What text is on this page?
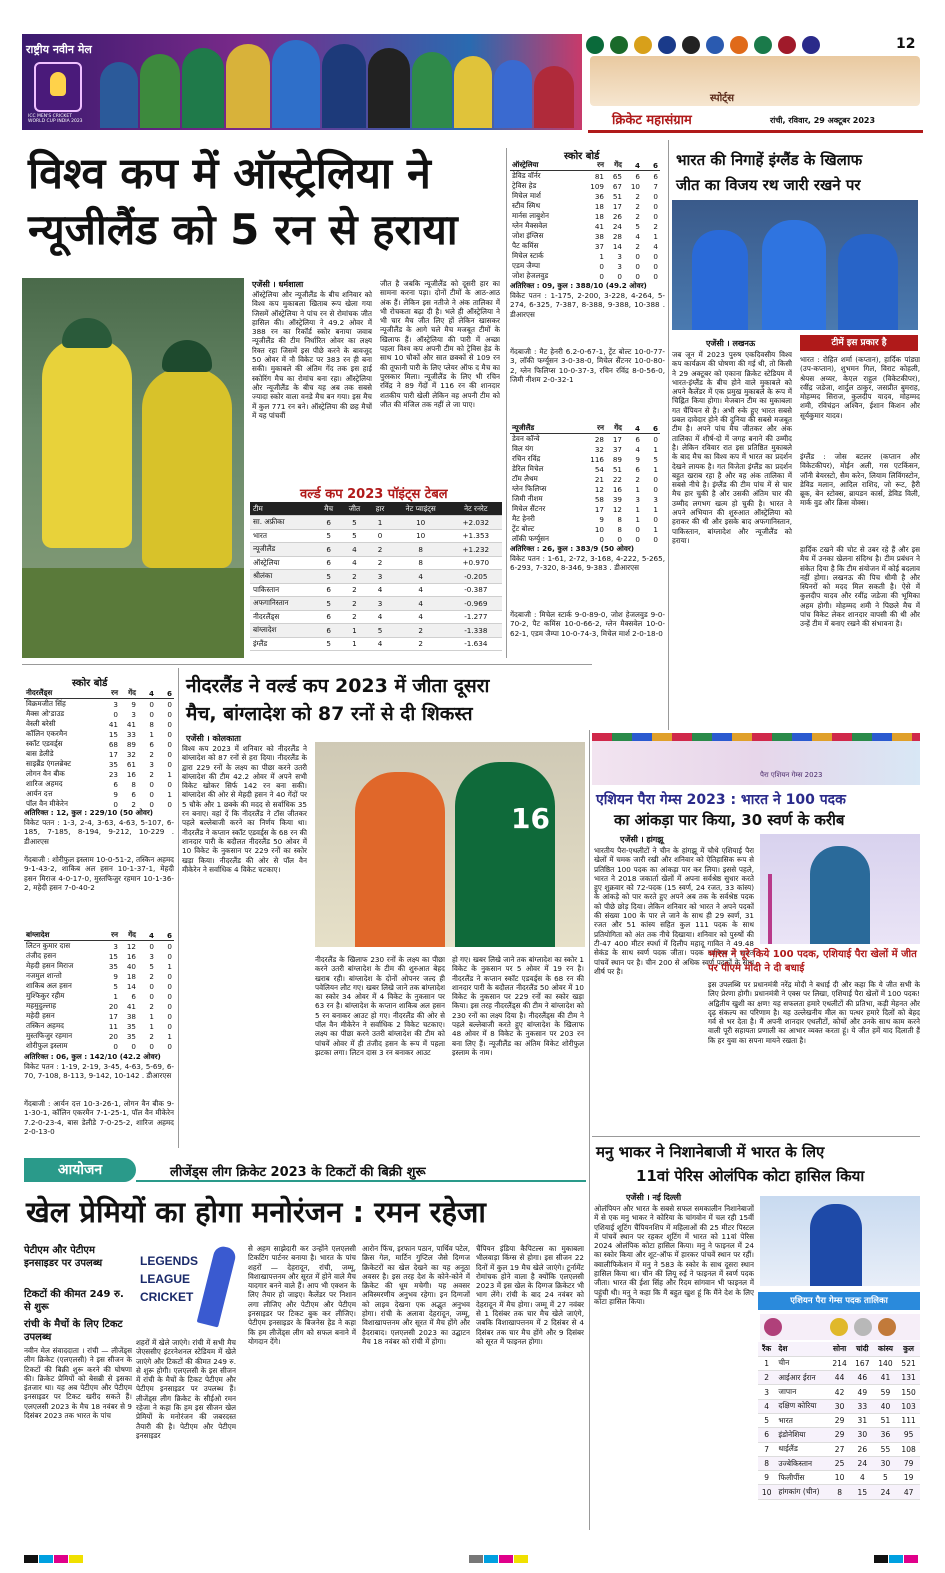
राष्ट्रीय नवीन मेल
ICC MEN'S CRICKET WORLD CUP INDIA 2023
12
स्पोर्ट्स
क्रिकेट महासंग्राम	रांची, रविवार, 29 अक्टूबर 2023
विश्व कप में ऑस्ट्रेलिया ने
न्यूजीलैंड को 5 रन से हराया
एजेंसी । धर्मशाला
ऑस्ट्रेलिया और न्यूजीलैंड के बीच शनिवार को विश्व कप मुकाबला खिताब रूप खेला गया जिसमें ऑस्ट्रेलिया ने पांच रन से रोमांचक जीत हासिल की। ऑस्ट्रेलिया ने 49.2 ओवर में 388 रन का रिकॉर्ड स्कोर बनाया जवाब न्यूजीलैंड की टीम निर्धारित ओवर का लक्ष्य रिक्त रहा जिसमें इस पीछे करने के बावजूद 50 ओवर में नौ विकेट पर 383 रन ही बना सकी। मुकाबले की अंतिम गेंद तक इस हाई स्कोरिंग मैच का रोमांच बना रहा। ऑस्ट्रेलिया और न्यूजीलैंड के बीच यह अब तक सबसे ज्यादा स्कोर वाला वनडे मैच बन गया। इस मैच में कुल 771 रन बने। ऑस्ट्रेलिया की छह मैचों में यह पांचवीं
जीत है जबकि न्यूजीलैंड को दूसरी हार का सामना करना पड़ा। दोनों टीमों के आठ-आठ अंक हैं। लेकिन इस नतीजे ने अंक तालिका में भी रोचकता बढ़ा दी है। भले ही ऑस्ट्रेलिया ने भी चार मैच जीत लिए हों लेकिन खासकर न्यूजीलैंड के आगे चले मैच मजबूत टीमों के खिलाफ हैं। ऑस्ट्रेलिया की पारी में अच्छा पहला विश्व कप अपनी टीम को ट्रेविस हेड के साथ 10 चौकों और सात छक्कों से 109 रन की तूफानी पारी के लिए प्लेयर ऑफ द मैच का पुरस्कार मिला। न्यूजीलैंड के लिए भी रचिन रविंद्र ने 89 गेंदों में 116 रन की शानदार शतकीय पारी खेली लेकिन वह अपनी टीम को जीत की मंजिल तक नहीं ले जा पाए।
वर्ल्ड कप 2023 पॉइंट्स टेबल
टीम	मैच	जीत	हार	नेट प्वाइंट्स	नेट रनरेट
सा. अफ्रीका	6	5	1	10	+2.032
भारत	5	5	0	10	+1.353
न्यूजीलैंड	6	4	2	8	+1.232
ऑस्ट्रेलिया	6	4	2	8	+0.970
श्रीलंका	5	2	3	4	-0.205
पाकिस्तान	6	2	4	4	-0.387
अफगानिस्तान	5	2	3	4	-0.969
नीदरलैंड्स	6	2	4	4	-1.277
बांग्लादेश	6	1	5	2	-1.338
इंग्लैंड	5	1	4	2	-1.634
स्कोर बोर्ड
ऑस्ट्रेलिया	रन	गेंद	4	6
डेविड वॉर्नर	81	65	6	6
ट्रेविस हेड	109	67	10	7
मिचेल मार्श	36	51	2	0
स्टीव स्मिथ	18	17	2	0
मार्नस लाबुशेन	18	26	2	0
ग्लेन मैक्सवेल	41	24	5	2
जोश इंग्लिस	38	28	4	1
पैट कमिंस	37	14	2	4
मिचेल स्टार्क	1	3	0	0
एडम जैम्पा	0	3	0	0
जोश हेजलवुड	0	0	0	0
अतिरिक्त : 09, कुल : 388/10 (49.2 ओवर)
विकेट पतन : 1-175, 2-200, 3-228, 4-264, 5-274, 6-325, 7-387, 8-388, 9-388, 10-388 . डीआरएस
गेंदबाजी : मैट हेनरी 6.2-0-67-1, ट्रेंट बोल्ट 10-0-77-3, लॉकी फर्ग्यूसन 3-0-38-0, मिचेल सैंटनर 10-0-80-2, ग्लेन फिलिप्स 10-0-37-3, रचिन रविंद्र 8-0-56-0, जिमी नीशम 2-0-32-1
न्यूजीलैंड	रन	गेंद	4	6
डेवन कॉन्वे	28	17	6	0
विल यंग	32	37	4	1
रचिन रविंद्र	116	89	9	5
डेरिल मिचेल	54	51	6	1
टॉम लैथम	21	22	2	0
ग्लेन फिलिप्स	12	16	1	0
जिमी नीशम	58	39	3	3
मिचेल सैंटनर	17	12	1	1
मैट हेनरी	9	8	1	0
ट्रेंट बोल्ट	10	8	0	1
लॉकी फर्ग्यूसन	0	0	0	0
अतिरिक्त : 26, कुल : 383/9 (50 ओवर)
विकेट पतन : 1-61, 2-72, 3-168, 4-222, 5-265, 6-293, 7-320, 8-346, 9-383 . डीआरएस
गेंदबाजी : मिचेल स्टार्क 9-0-89-0, जोश हेजलवुड 9-0-70-2, पैट कमिंस 10-0-66-2, ग्लेन मैक्सवेल 10-0-62-1, एडम जैम्पा 10-0-74-3, मिचेल मार्श 2-0-18-0
भारत की निगाहें इंग्लैंड के खिलाफ
जीत का विजय रथ जारी रखने पर
एजेंसी । लखनऊ
जब जून में 2023 पुरुष एकदिवसीय विश्व कप कार्यक्रम की घोषणा की गई थी, तो किसी ने 29 अक्टूबर को एकाना क्रिकेट स्टेडियम में भारत-इंग्लैंड के बीच होने वाले मुकाबले को अपने कैलेंडर में एक प्रमुख मुकाबले के रूप में चिह्नित किया होगा। मेजबान टीम का मुकाबला गत चैंपियन से है। अभी रुके हुए भारत सबसे प्रबल दावेदार होने की दुनिया की सबसे मजबूत टीम है। अपने पांच मैच जीतकर और अंक तालिका में शीर्ष-दो में जगह बनाने की उम्मीद है। लेकिन रविवार रात इस प्रतिष्ठित मुकाबले के बाद मैच का विश्व कप में भारत का प्रदर्शन देखने लायक है। गत विजेता इंग्लैंड का प्रदर्शन बहुत खराब रहा है और वह अंक तालिका में सबसे नीचे है। इंग्लैंड की टीम पांच में से चार मैच हार चुकी है और उसकी अंतिम चार की उम्मीद लगभग खत्म हो चुकी है। भारत ने अपने अभियान की शुरुआत ऑस्ट्रेलिया को हराकर की थी और इसके बाद अफगानिस्तान, पाकिस्तान, बांग्लादेश और न्यूजीलैंड को हराया।
टीमें इस प्रकार है
भारत : रोहित शर्मा (कप्तान), हार्दिक पांड्या (उप-कप्तान), शुभमन गिल, विराट कोहली, श्रेयस अय्यर, केएल राहुल (विकेटकीपर), रवींद्र जडेजा, शार्दुल ठाकुर, जसप्रीत बुमराह, मोहम्मद सिराज, कुलदीप यादव, मोहम्मद शमी, रविचंद्रन अश्विन, ईशान किशन और सूर्यकुमार यादव।
इंग्लैंड : जोस बटलर (कप्तान और विकेटकीपर), मोईन अली, गस एटकिंसन, जॉनी बेयरस्टो, सैम करेन, लियाम लिविंगस्टोन, डेविड मलान, आदिल राशिद, जो रूट, हैरी ब्रूक, बेन स्टोक्स, ब्रायडन कार्स, डेविड विली, मार्क वुड और क्रिस वोक्स।
हार्दिक टखने की चोट से उबर रहे हैं और इस मैच में उनका खेलना संदिग्ध है। टीम प्रबंधन ने संकेत दिया है कि टीम संयोजन में कोई बदलाव नहीं होगा। लखनऊ की पिच धीमी है और स्पिनरों को मदद मिल सकती है। ऐसे में कुलदीप यादव और रवींद्र जडेजा की भूमिका अहम होगी। मोहम्मद शमी ने पिछले मैच में पांच विकेट लेकर शानदार वापसी की थी और उन्हें टीम में बनाए रखने की संभावना है।
स्कोर बोर्ड
नीदरलैंड्स	रन	गेंद	4	6
विक्रमजीत सिंह	3	9	0	0
मैक्स ओ'डाउड	0	3	0	0
वेस्ली बरेसी	41	41	8	0
कॉलिन एकरमैन	15	33	1	0
स्कॉट एडवर्ड्स	68	89	6	0
बास डेलीडे	17	32	2	0
साइब्रैंड एंगलब्रेक्ट	35	61	3	0
लोगन वैन बीक	23	16	2	1
शारिज अहमद	6	8	0	0
आर्यन दत्त	9	6	0	1
पॉल वैन मीकेरेन	0	2	0	0
अतिरिक्त : 12, कुल : 229/10 (50 ओवर)
विकेट पतन : 1-3, 2-4, 3-63, 4-63, 5-107, 6-185, 7-185, 8-194, 9-212, 10-229 . डीआरएस
गेंदबाजी : शोरीफुल इस्लाम 10-0-51-2, तस्किन अहमद 9-1-43-2, शाकिब अल हसन 10-1-37-1, मेहदी हसन मिराज 4-0-17-0, मुस्तफिजुर रहमान 10-1-36-2, महेदी हसन 7-0-40-2
बांग्लादेश	रन	गेंद	4	6
लिटन कुमार दास	3	12	0	0
तंजीद हसन	15	16	3	0
मेहदी हसन मिराज	35	40	5	1
नजमुल शान्तो	9	18	2	0
शाकिब अल हसन	5	14	0	0
मुश्फिकुर रहीम	1	6	0	0
महमुदुल्लाह	20	41	2	0
महेदी हसन	17	38	1	0
तस्किन अहमद	11	35	1	0
मुस्तफिजुर रहमान	20	35	2	1
शोरीफुल इस्लाम	0	0	0	0
अतिरिक्त : 06, कुल : 142/10 (42.2 ओवर)
विकेट पतन : 1-19, 2-19, 3-45, 4-63, 5-69, 6-70, 7-108, 8-113, 9-142, 10-142 . डीआरएस
गेंदबाजी : आर्यन दत्त 10-3-26-1, लोगन वैन बीक 9-1-30-1, कॉलिन एकरमैन 7-1-25-1, पॉल वैन मीकेरेन 7.2-0-23-4, बास डेलीडे 7-0-25-2, शारिज अहमद 2-0-13-0
नीदरलैंड ने वर्ल्ड कप 2023 में जीता दूसरा
मैच, बांग्लादेश को 87 रनों से दी शिकस्त
एजेंसी । कोलकाता
विश्व कप 2023 में शनिवार को नीदरलैंड ने बांग्लादेश को 87 रनों से हरा दिया। नीदरलैंड के द्वारा 229 रनों के लक्ष्य का पीछा करने उतरी बांग्लादेश की टीम 42.2 ओवर में अपने सभी विकेट खोकर सिर्फ 142 रन बना सकी। बांग्लादेश की ओर से मेहदी हसन ने 40 गेंदों पर 5 चौके और 1 छक्के की मदद से सर्वाधिक 35 रन बनाए। वहां दें कि नीदरलैंड ने टॉस जीतकर पहले बल्लेबाजी करने का निर्णय किया था। नीदरलैंड ने कप्तान स्कॉट एडवर्ड्स के 68 रन की शानदार पारी के बदौलत नीदरलैंड 50 ओवर में 10 विकेट के नुकसान पर 229 रनों का स्कोर खड़ा किया। नीदरलैंड की ओर से पॉल वैन मीकेरेन ने सर्वाधिक 4 विकेट चटकाए।
16
नीदरलैंड के खिलाफ 230 रनों के लक्ष्य का पीछा करने उतरी बांग्लादेश के टीम की शुरुआत बेहद खराब रही। बांग्लादेश के दोनों ओपनर जल्द ही पवेलियन लौट गए। खबर लिखे जाने तक बांग्लादेश का स्कोर 34 ओवर में 4 विकेट के नुकसान पर 63 रन है। बांग्लादेश के कप्तान शाकिब अल हसन 5 रन बनाकर आउट हो गए। नीदरलैंड की ओर से पॉल वैन मीकेरेन ने सर्वाधिक 2 विकेट चटकाए। लक्ष्य का पीछा करने उतरी बांग्लादेश की टीम को पांचवें ओवर में ही तंजीद हसन के रूप में पहला झटका लगा। लिटन दास 3 रन बनाकर आउट
हो गए। खबर लिखे जाने तक बांग्लादेश का स्कोर 1 विकेट के नुकसान पर 5 ओवर में 19 रन है। नीदरलैंड ने कप्तान स्कॉट एडवर्ड्स के 68 रन की शानदार पारी के बदौलत नीदरलैंड 50 ओवर में 10 विकेट के नुकसान पर 229 रनों का स्कोर खड़ा किया। इस तरह नीदरलैंड्स की टीम ने बांग्लादेश को 230 रनों का लक्ष्य दिया है। नीदरलैंड्स की टीम ने पहले बल्लेबाजी करते हुए बांग्लादेश के खिलाफ 48 ओवर में 8 विकेट के नुकसान पर 203 रन बना लिए हैं। न्यूजीलैंड का अंतिम विकेट शोरीफुल इस्लाम के नाम।
पैरा एशियन गेम्स 2023
एशियन पैरा गेम्स 2023 : भारत ने 100 पदक
का आंकड़ा पार किया, 30 स्वर्ण के करीब
एजेंसी । हांगझू
भारतीय पैरा-एथलीटों ने चीन के हांगझू में चौथे एशियाई पैरा खेलों में चमक जारी रखी और शनिवार को ऐतिहासिक रूप से प्रतिष्ठित 100 पदक का आंकड़ा पार कर लिया। इससे पहले, भारत ने 2018 जकार्ता खेलों में अपना सर्वश्रेष्ठ सुधार करते हुए शुक्रवार को 72-पदक (15 स्वर्ण, 24 रजत, 33 कांस्य) के आंकड़े को पार करते हुए अपने अब तक के सर्वश्रेष्ठ पदक को पीछे छोड़ दिया। लेकिन शनिवार को भारत ने अपने पदकों की संख्या 100 के पार ले जाने के साथ ही 29 स्वर्ण, 31 रजत और 51 कांस्य सहित कुल 111 पदक के साथ प्रतियोगिता को अंत तक नीचे दिखाया। शनिवार को पुरुषों की टी-47 400 मीटर स्पर्धा में दिलीप महादू गावित ने 49.48 सेकंड के साथ स्वर्ण पदक जीता। पदक तालिका में भारत पांचवें स्थान पर है। चीन 200 से अधिक स्वर्ण पदकों के साथ शीर्ष पर है।
भारत ने पूरे किये 100 पदक, एशियाई पैरा खेलों में जीत पर पीएम मोदी ने दी बधाई
इस उपलब्धि पर प्रधानमंत्री नरेंद्र मोदी ने बधाई दी और कहा कि ये जीत सभी के लिए प्रेरणा होगी। प्रधानमंत्री ने एक्स पर लिखा, एशियाई पैरा खेलों में 100 पदक! अद्वितीय खुशी का क्षण! यह सफलता हमारे एथलीटों की प्रतिभा, कड़ी मेहनत और दृढ़ संकल्प का परिणाम है। यह उल्लेखनीय मील का पत्थर हमारे दिलों को बेहद गर्व से भर देता है। मैं अपनी शानदार एथलीटों, कोचों और उनके साथ काम करने वाली पूरी सहायता प्रणाली का आभार व्यक्त करता हूं। ये जीत हमें याद दिलाती हैं कि हर युवा का सपना मायने रखता है।
मनु भाकर ने निशानेबाजी में भारत के लिए
11वां पेरिस ओलंपिक कोटा हासिल किया
एजेंसी । नई दिल्ली
ओलंपियन और भारत के सबसे सफल समकालीन निशानेबाजों में से एक मनु भाकर ने कोरिया के चांगवोन में चल रही 15वीं एशियाई शूटिंग चैंपियनशिप में महिलाओं की 25 मीटर पिस्टल में पांचवें स्थान पर रहकर शूटिंग में भारत को 11वां पेरिस 2024 ओलंपिक कोटा हासिल किया। मनु ने फाइनल में 24 का स्कोर किया और शूट-ऑफ में हारकर पांचवें स्थान पर रहीं। क्वालीफिकेशन में मनु ने 583 के स्कोर के साथ दूसरा स्थान हासिल किया था। चीन की लियू रुई ने फाइनल में स्वर्ण पदक जीता। भारत की ईशा सिंह और रिदम सांगवान भी फाइनल में पहुंची थी। मनु ने कहा कि मैं बहुत खुश हूं कि मैंने देश के लिए कोटा हासिल किया।	एशियन पैरा गेम्स पदक तालिका
रैंक	देश	सोना	चांदी	कांस्य	कुल
1	चीन	214	167	140	521
2	आईआर ईरान	44	46	41	131
3	जापान	42	49	59	150
4	दक्षिण कोरिया	30	33	40	103
5	भारत	29	31	51	111
6	इंडोनेशिया	29	30	36	95
7	थाईलैंड	27	26	55	108
8	उज्बेकिस्तान	25	24	30	79
9	फिलीपींस	10	4	5	19
10	हांगकांग (चीन)	8	15	24	47
आयोजन	लीजेंड्स लीग क्रिकेट 2023 के टिकटों की बिक्री शुरू
खेल प्रेमियों का होगा मनोरंजन : रमन रहेजा
पेटीएम और पेटीएम इनसाइडर पर उपलब्ध
टिकटों की कीमत 249 रु. से शुरू
रांची के मैचों के लिए टिकट उपलब्ध
LEGENDS
LEAGUE
CRICKET
नवीन मेल संवाददाता । रांची — लीजेंड्स लीग क्रिकेट (एलएलसी) ने इस सीजन के टिकटों की बिक्री शुरू करने की घोषणा की। क्रिकेट प्रेमियों को बेसब्री से इसका इंतजार था। यह अब पेटीएम और पेटीएम इनसाइडर पर टिकट खरीद सकते हैं। एलएलसी 2023 के मैच 18 नवंबर से 9 दिसंबर 2023 तक भारत के पांच
शहरों में खेले जाएंगे। रांची में सभी मैच जेएससीए इंटरनेशनल स्टेडियम में खेले जाएंगे और टिकटों की कीमत 249 रु. से शुरू होगी। एलएलसी के इस सीजन में रांची के मैचों के टिकट पेटीएम और पेटीएम इनसाइडर पर उपलब्ध हैं। लीजेंड्स लीग क्रिकेट के सीईओ रमन रहेजा ने कहा कि हम इस सीजन खेल प्रेमियों के मनोरंजन की जबरदस्त तैयारी की है। पेटीएम और पेटीएम इनसाइडर
से अहम साझेदारी कर उन्होंने एलएलसी टिकटिंग पार्टनर बनाया है। भारत के पांच शहरों — देहरादून, रांची, जम्मू, विशाखापत्तनम और सूरत में होने वाले मैच यादगार बनने वाले हैं। आप भी एक्शन के लिए तैयार हो जाइए। कैलेंडर पर निशान लगा लीजिए और पेटीएम और पेटीएम इनसाइडर पर टिकट बुक कर लीजिए। पेटीएम इनसाइडर के बिजनेस हेड ने कहा कि हम लीजेंड्स लीग को सफल बनाने में योगदान देंगे।
आरोन फिंच, इरफान पठान, पार्थिव पटेल, क्रिस गेल, मार्टिन गुप्टिल जैसे दिग्गज क्रिकेटरों का खेल देखने का यह अनूठा अवसर है। इस तरह देश के कोने-कोने में क्रिकेट की धूम मचेगी। यह अवसर अविस्मरणीय अनुभव रहेगा। इन दिग्गजों को लाइव देखना एक अद्भुत अनुभव होगा। रांची के अलावा देहरादून, जम्मू, विशाखापत्तनम और सूरत में मैच होंगे और हैदराबाद। एलएलसी 2023 का उद्घाटन मैच 18 नवंबर को रांची में होगा।
चैंपियन इंडिया कैपिटल्स का मुकाबला भीलवाड़ा किंग्स से होगा। इस सीजन 22 दिनों में कुल 19 मैच खेले जाएंगे। टूर्नामेंट रोमांचक होने वाला है क्योंकि एलएलसी 2023 में इस खेल के दिग्गज क्रिकेटर भी भाग लेंगे। रांची के बाद 24 नवंबर को देहरादून में मैच होगा। जम्मू में 27 नवंबर से 1 दिसंबर तक चार मैच खेले जाएंगे, जबकि विशाखापत्तनम में 2 दिसंबर से 4 दिसंबर तक चार मैच होंगे और 9 दिसंबर को सूरत में फाइनल होगा।
